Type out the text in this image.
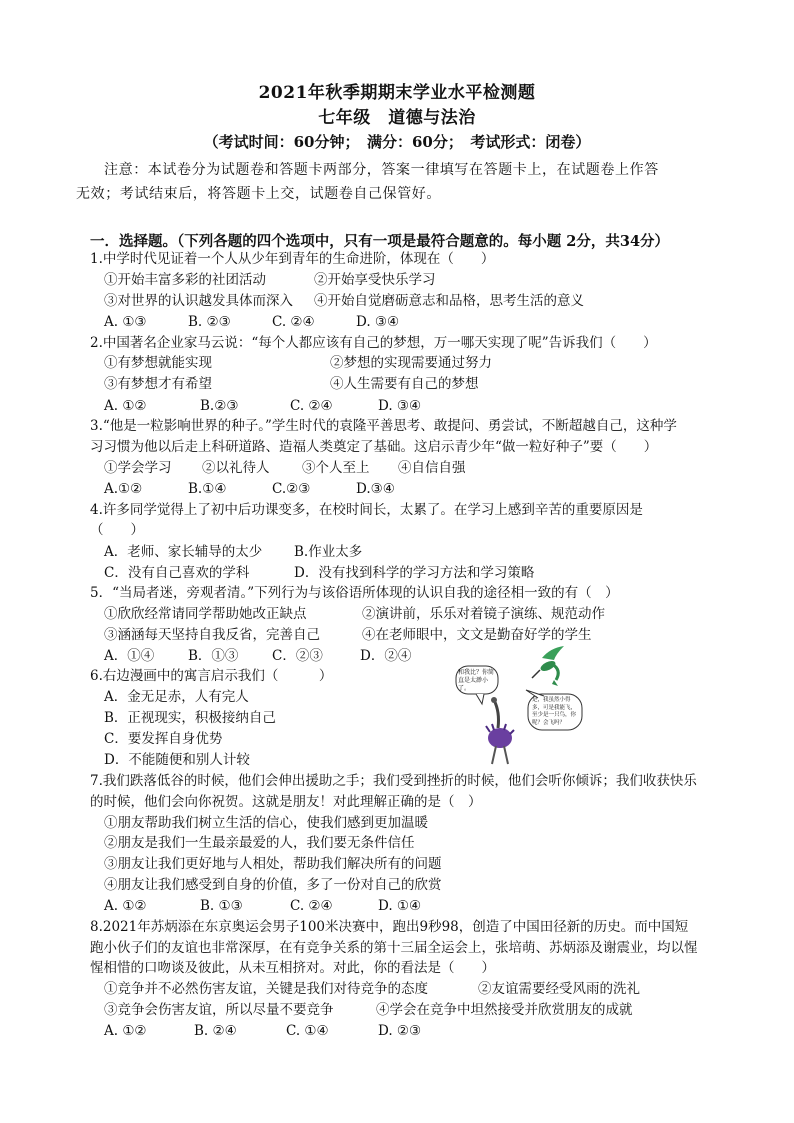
2021年秋季期期末学业水平检测题
七年级　道德与法治
（考试时间：60分钟；　满分：60分；　考试形式：闭卷）
注意：本试卷分为试题卷和答题卡两部分，答案一律填写在答题卡上，在试题卷上作答
无效；考试结束后，将答题卡上交，试题卷自己保管好。
一．选择题。（下列各题的四个选项中，只有一项是最符合题意的。每小题 2分，共34分）
1.中学时代见证着一个人从少年到青年的生命进阶，体现在（　　）
①开始丰富多彩的社团活动	②开始享受快乐学习
③对世界的认识越发具体而深入 ④开始自觉磨砺意志和品格，思考生活的意义
A. ①③	B. ②③	C. ②④	D. ③④
2.中国著名企业家马云说：“每个人都应该有自己的梦想，万一哪天实现了呢”告诉我们（　　）
①有梦想就能实现	②梦想的实现需要通过努力
③有梦想才有希望	④人生需要有自己的梦想
A. ①②	B.②③	C. ②④	D. ③④
3.“他是一粒影响世界的种子。”学生时代的袁隆平善思考、敢提问、勇尝试，不断超越自己，这种学
习习惯为他以后走上科研道路、造福人类奠定了基础。这启示青少年“做一粒好种子”要（　　）
①学会学习 ②以礼待人 ③个人至上 ④自信自强
A.①②	B.①④	C.②③	D.③④
4.许多同学觉得上了初中后功课变多，在校时间长，太累了。在学习上感到辛苦的重要原因是
（　　）
A．老师、家长辅导的太少 B.作业太多
C．没有自己喜欢的学科	D．没有找到科学的学习方法和学习策略
5．“当局者迷，旁观者清。”下列行为与该俗语所体现的认识自我的途径相一致的有（　）
①欣欣经常请同学帮助她改正缺点	②演讲前，乐乐对着镜子演练、规范动作
③涵涵每天坚持自我反省，完善自己	④在老师眼中，文文是勤奋好学的学生
A．①④	B．①③ C．②③	D．②④
6.右边漫画中的寓言启示我们（　　　）
A．金无足赤，人有完人
B．正视现实，积极接纳自己
C．要发挥自身优势
D．不能随便和别人计较
和我比？你简直是太渺小了。
是，我虽然小得多，可是我能飞，至少是一只鸟，你呢？会飞吗？
7.我们跌落低谷的时候，他们会伸出援助之手；我们受到挫折的时候，他们会听你倾诉；我们收获快乐
的时候，他们会向你祝贺。这就是朋友！对此理解正确的是（　）
①朋友帮助我们树立生活的信心，使我们感到更加温暖
②朋友是我们一生最亲最爱的人，我们要无条件信任
③朋友让我们更好地与人相处，帮助我们解决所有的问题
④朋友让我们感受到自身的价值，多了一份对自己的欣赏
A. ①②	B. ①③	C. ②④	D. ①④
8.2021年苏炳添在东京奥运会男子100米决赛中，跑出9秒98，创造了中国田径新的历史。而中国短
跑小伙子们的友谊也非常深厚，在有竞争关系的第十三届全运会上，张培萌、苏炳添及谢震业，均以惺
惺相惜的口吻谈及彼此，从未互相挤对。对此，你的看法是（　　）
①竞争并不必然伤害友谊，关键是我们对待竞争的态度	②友谊需要经受风雨的洗礼
③竞争会伤害友谊，所以尽量不要竞争	④学会在竞争中坦然接受并欣赏朋友的成就
A. ①②	B. ②④	C. ①④	D. ②③
